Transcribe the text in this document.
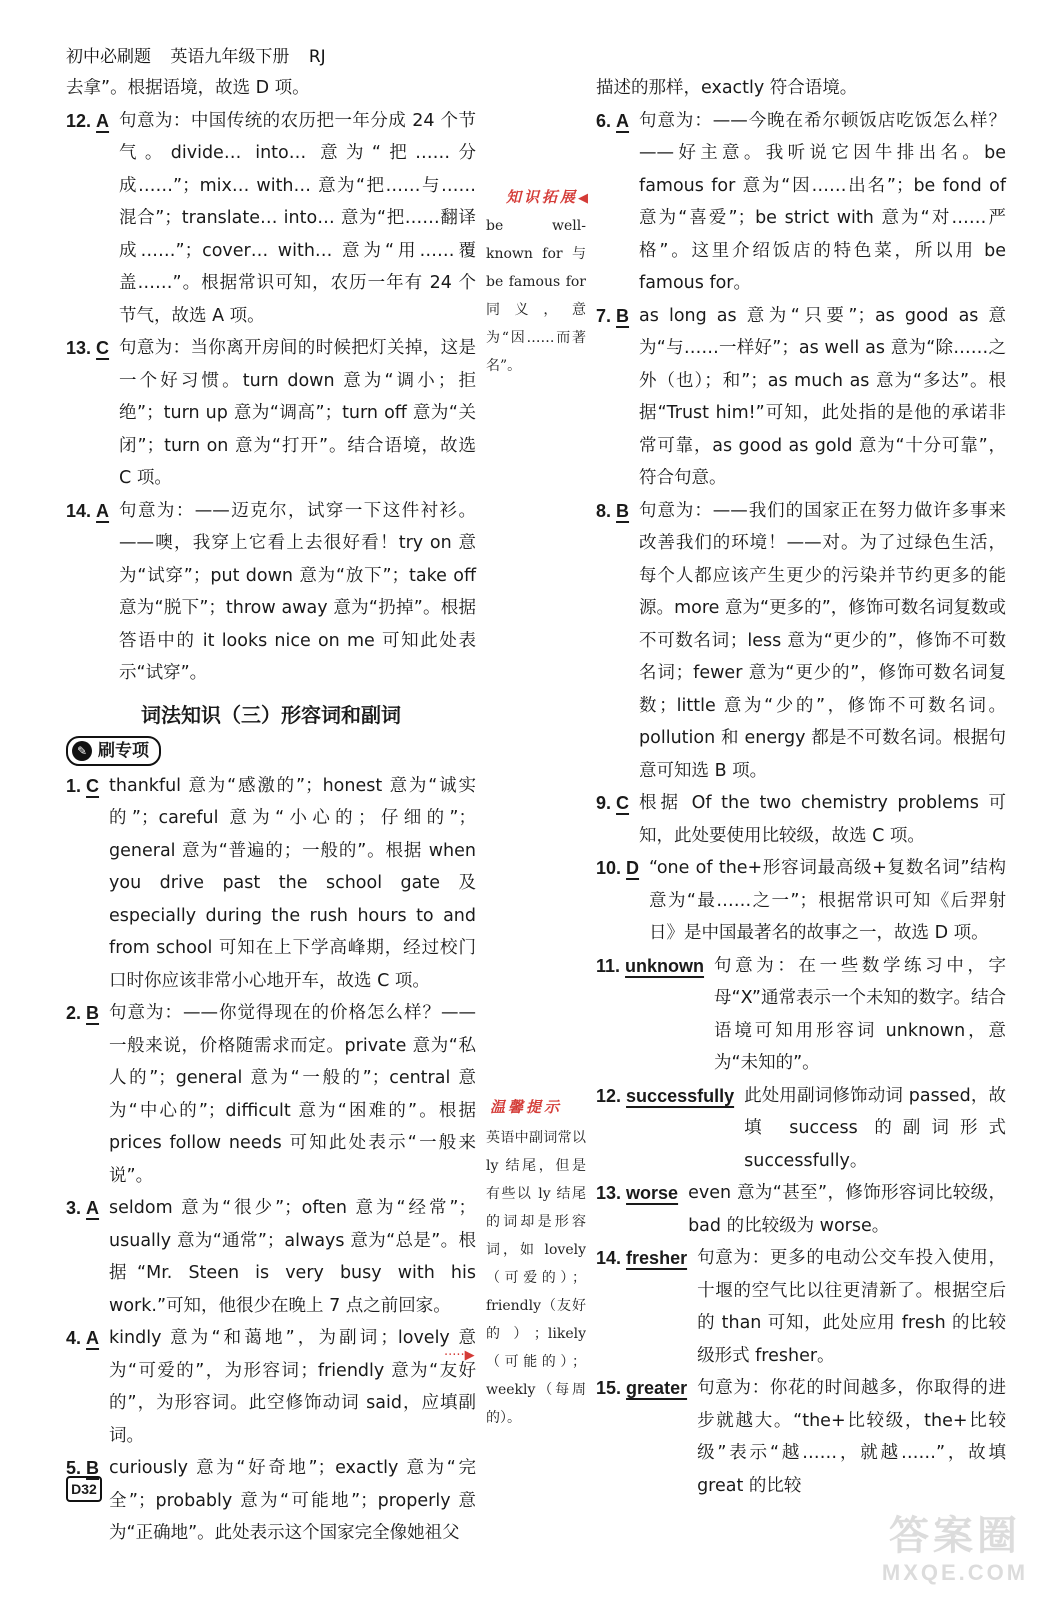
初中必刷题 英语九年级下册 RJ

去拿”。根据语境，故选 D 项。

12. A 句意为：中国传统的农历把一年分成 24 个节气。divide… into… 意为“把……分成……”；mix… with… 意为“把……与……混合”；translate… into… 意为“把……翻译成……”；cover… with… 意为“用……覆盖……”。根据常识可知，农历一年有 24 个节气，故选 A 项。
13. C 句意为：当你离开房间的时候把灯关掉，这是一个好习惯。turn down 意为“调小；拒绝”；turn up 意为“调高”；turn off 意为“关闭”；turn on 意为“打开”。结合语境，故选 C 项。
14. A 句意为：——迈克尔，试穿一下这件衬衫。——噢，我穿上它看上去很好看！try on 意为“试穿”；put down 意为“放下”；take off 意为“脱下”；throw away 意为“扔掉”。根据答语中的 it looks nice on me 可知此处表示“试穿”。
词法知识（三）形容词和副词
✎ 刷专项
1. C thankful 意为“感激的”；honest 意为“诚实的”；careful 意为“小心的；仔细的”；general 意为“普遍的；一般的”。根据 when you drive past the school gate 及 especially during the rush hours to and from school 可知在上下学高峰期，经过校门口时你应该非常小心地开车，故选 C 项。
2. B 句意为：——你觉得现在的价格怎么样？——一般来说，价格随需求而定。private 意为“私人的”；general 意为“一般的”；central 意为“中心的”；difficult 意为“困难的”。根据 prices follow needs 可知此处表示“一般来说”。
3. A seldom 意为“很少”；often 意为“经常”；usually 意为“通常”；always 意为“总是”。根据“Mr. Steen is very busy with his work.”可知，他很少在晚上 7 点之前回家。
4. A kindly 意为“和蔼地”，为副词；lovely 意为“可爱的”，为形容词；friendly 意为“友好的”，为形容词。此空修饰动词 said，应填副词。
5. B curiously 意为“好奇地”；exactly 意为“完全”；probably 意为“可能地”；properly 意为“正确地”。此处表示这个国家完全像她祖父
知识拓展◀
be well-known for 与 be famous for 同义，意为“因……而著名”。
温馨提示
英语中副词常以 ly 结尾，但是有些以 ly 结尾的词却是形容词，如 lovely（可爱的）；friendly（友好的）；likely（可能的）；weekly（每周的）。
·····▶

描述的那样，exactly 符合语境。

6. A 句意为：——今晚在希尔顿饭店吃饭怎么样？——好主意。我听说它因牛排出名。be famous for 意为“因……出名”；be fond of 意为“喜爱”；be strict with 意为“对……严格”。这里介绍饭店的特色菜，所以用 be famous for。
7. B as long as 意为“只要”；as good as 意为“与……一样好”；as well as 意为“除……之外（也）；和”；as much as 意为“多达”。根据“Trust him!”可知，此处指的是他的承诺非常可靠，as good as gold 意为“十分可靠”，符合句意。
8. B 句意为：——我们的国家正在努力做许多事来改善我们的环境！——对。为了过绿色生活，每个人都应该产生更少的污染并节约更多的能源。more 意为“更多的”，修饰可数名词复数或不可数名词；less 意为“更少的”，修饰不可数名词；fewer 意为“更少的”，修饰可数名词复数；little 意为“少的”，修饰不可数名词。pollution 和 energy 都是不可数名词。根据句意可知选 B 项。
9. C 根据 Of the two chemistry problems 可知，此处要使用比较级，故选 C 项。
10. D “one of the+形容词最高级+复数名词”结构意为“最……之一”；根据常识可知《后羿射日》是中国最著名的故事之一，故选 D 项。
11. unknown 句意为：在一些数学练习中，字母“X”通常表示一个未知的数字。结合语境可知用形容词 unknown，意为“未知的”。
12. successfully 此处用副词修饰动词 passed，故填 success 的副词形式 successfully。
13. worse even 意为“甚至”，修饰形容词比较级，bad 的比较级为 worse。
14. fresher 句意为：更多的电动公交车投入使用，十堰的空气比以往更清新了。根据空后的 than 可知，此处应用 fresh 的比较级形式 fresher。
15. greater 句意为：你花的时间越多，你取得的进步就越大。“the+比较级，the+比较级”表示“越……，就越……”，故填 great 的比较
D32
答案圈
MXQE.COM
